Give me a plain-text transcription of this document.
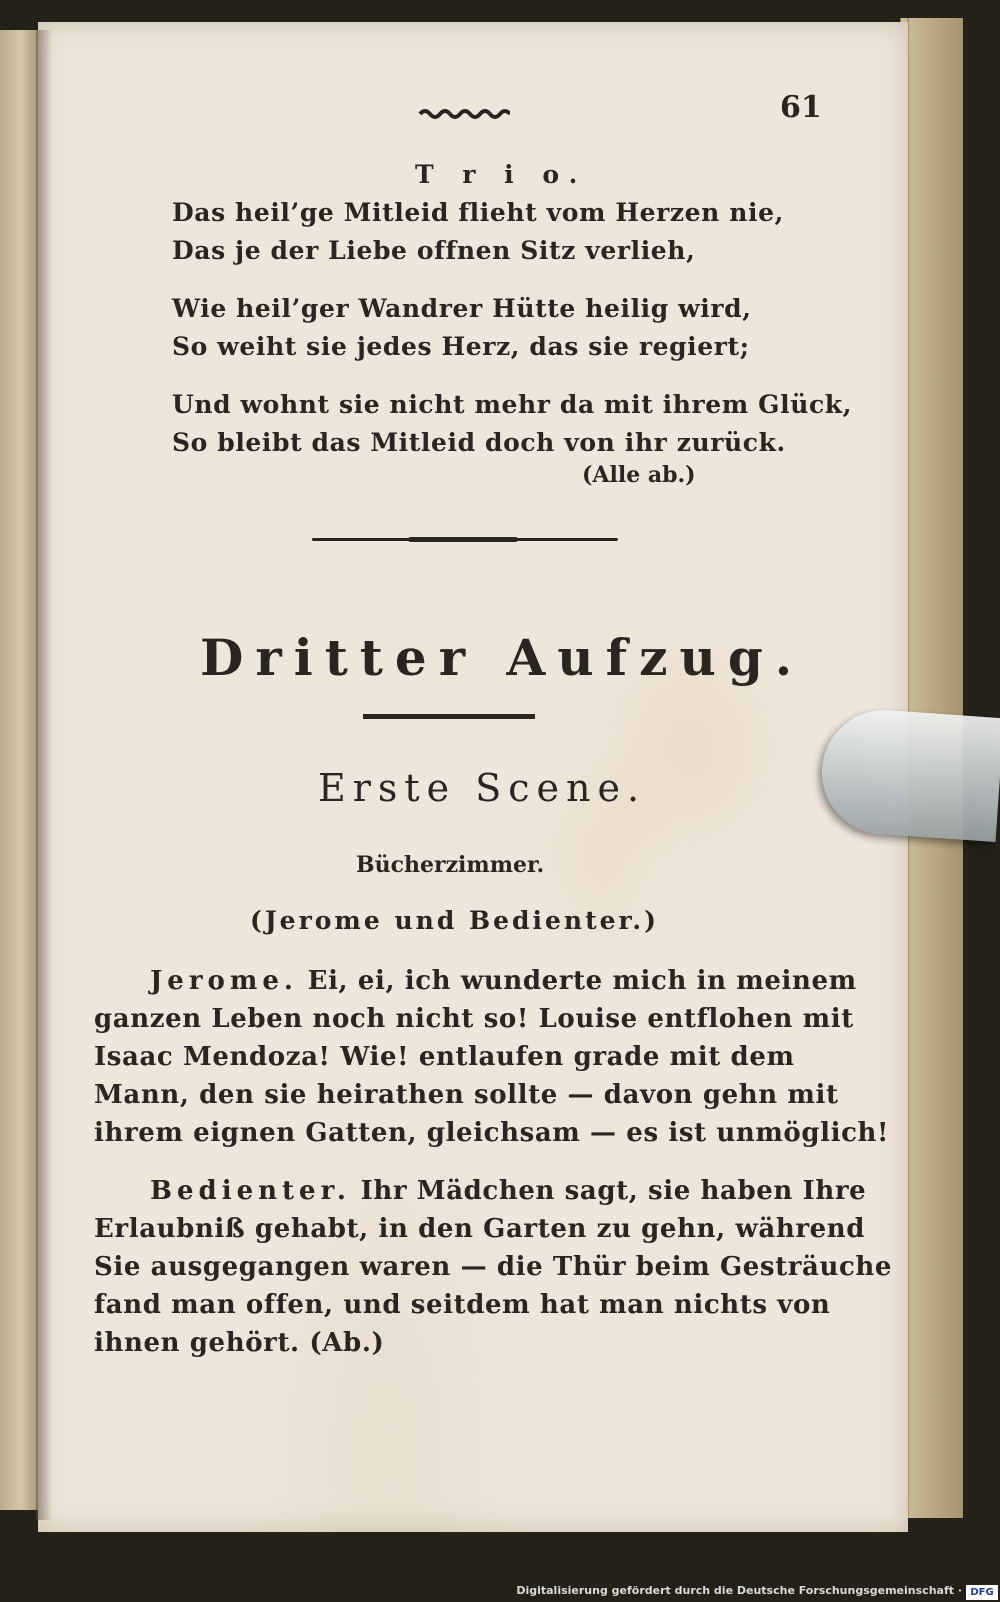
61
T r i o.
Das heil’ge Mitleid flieht vom Herzen nie,
Das je der Liebe offnen Sitz verlieh,
Wie heil’ger Wandrer Hütte heilig wird,
So weiht sie jedes Herz, das sie regiert;
Und wohnt sie nicht mehr da mit ihrem Glück,
So bleibt das Mitleid doch von ihr zurück.
(Alle ab.)
Dritter Aufzug.
Erste Scene.
Bücherzimmer.
(Jerome und Bedienter.)
Jerome. Ei, ei, ich wunderte mich in meinem
ganzen Leben noch nicht so! Louise entflohen mit
Isaac Mendoza! Wie! entlaufen grade mit dem
Mann, den sie heirathen sollte — davon gehn mit
ihrem eignen Gatten, gleichsam — es ist unmöglich!
Bedienter. Ihr Mädchen sagt, sie haben Ihre
Erlaubniß gehabt, in den Garten zu gehn, während
Sie ausgegangen waren — die Thür beim Gesträuche
fand man offen, und seitdem hat man nichts von
ihnen gehört. (Ab.)
Digitalisierung gefördert durch die Deutsche Forschungsgemeinschaft · DFG
